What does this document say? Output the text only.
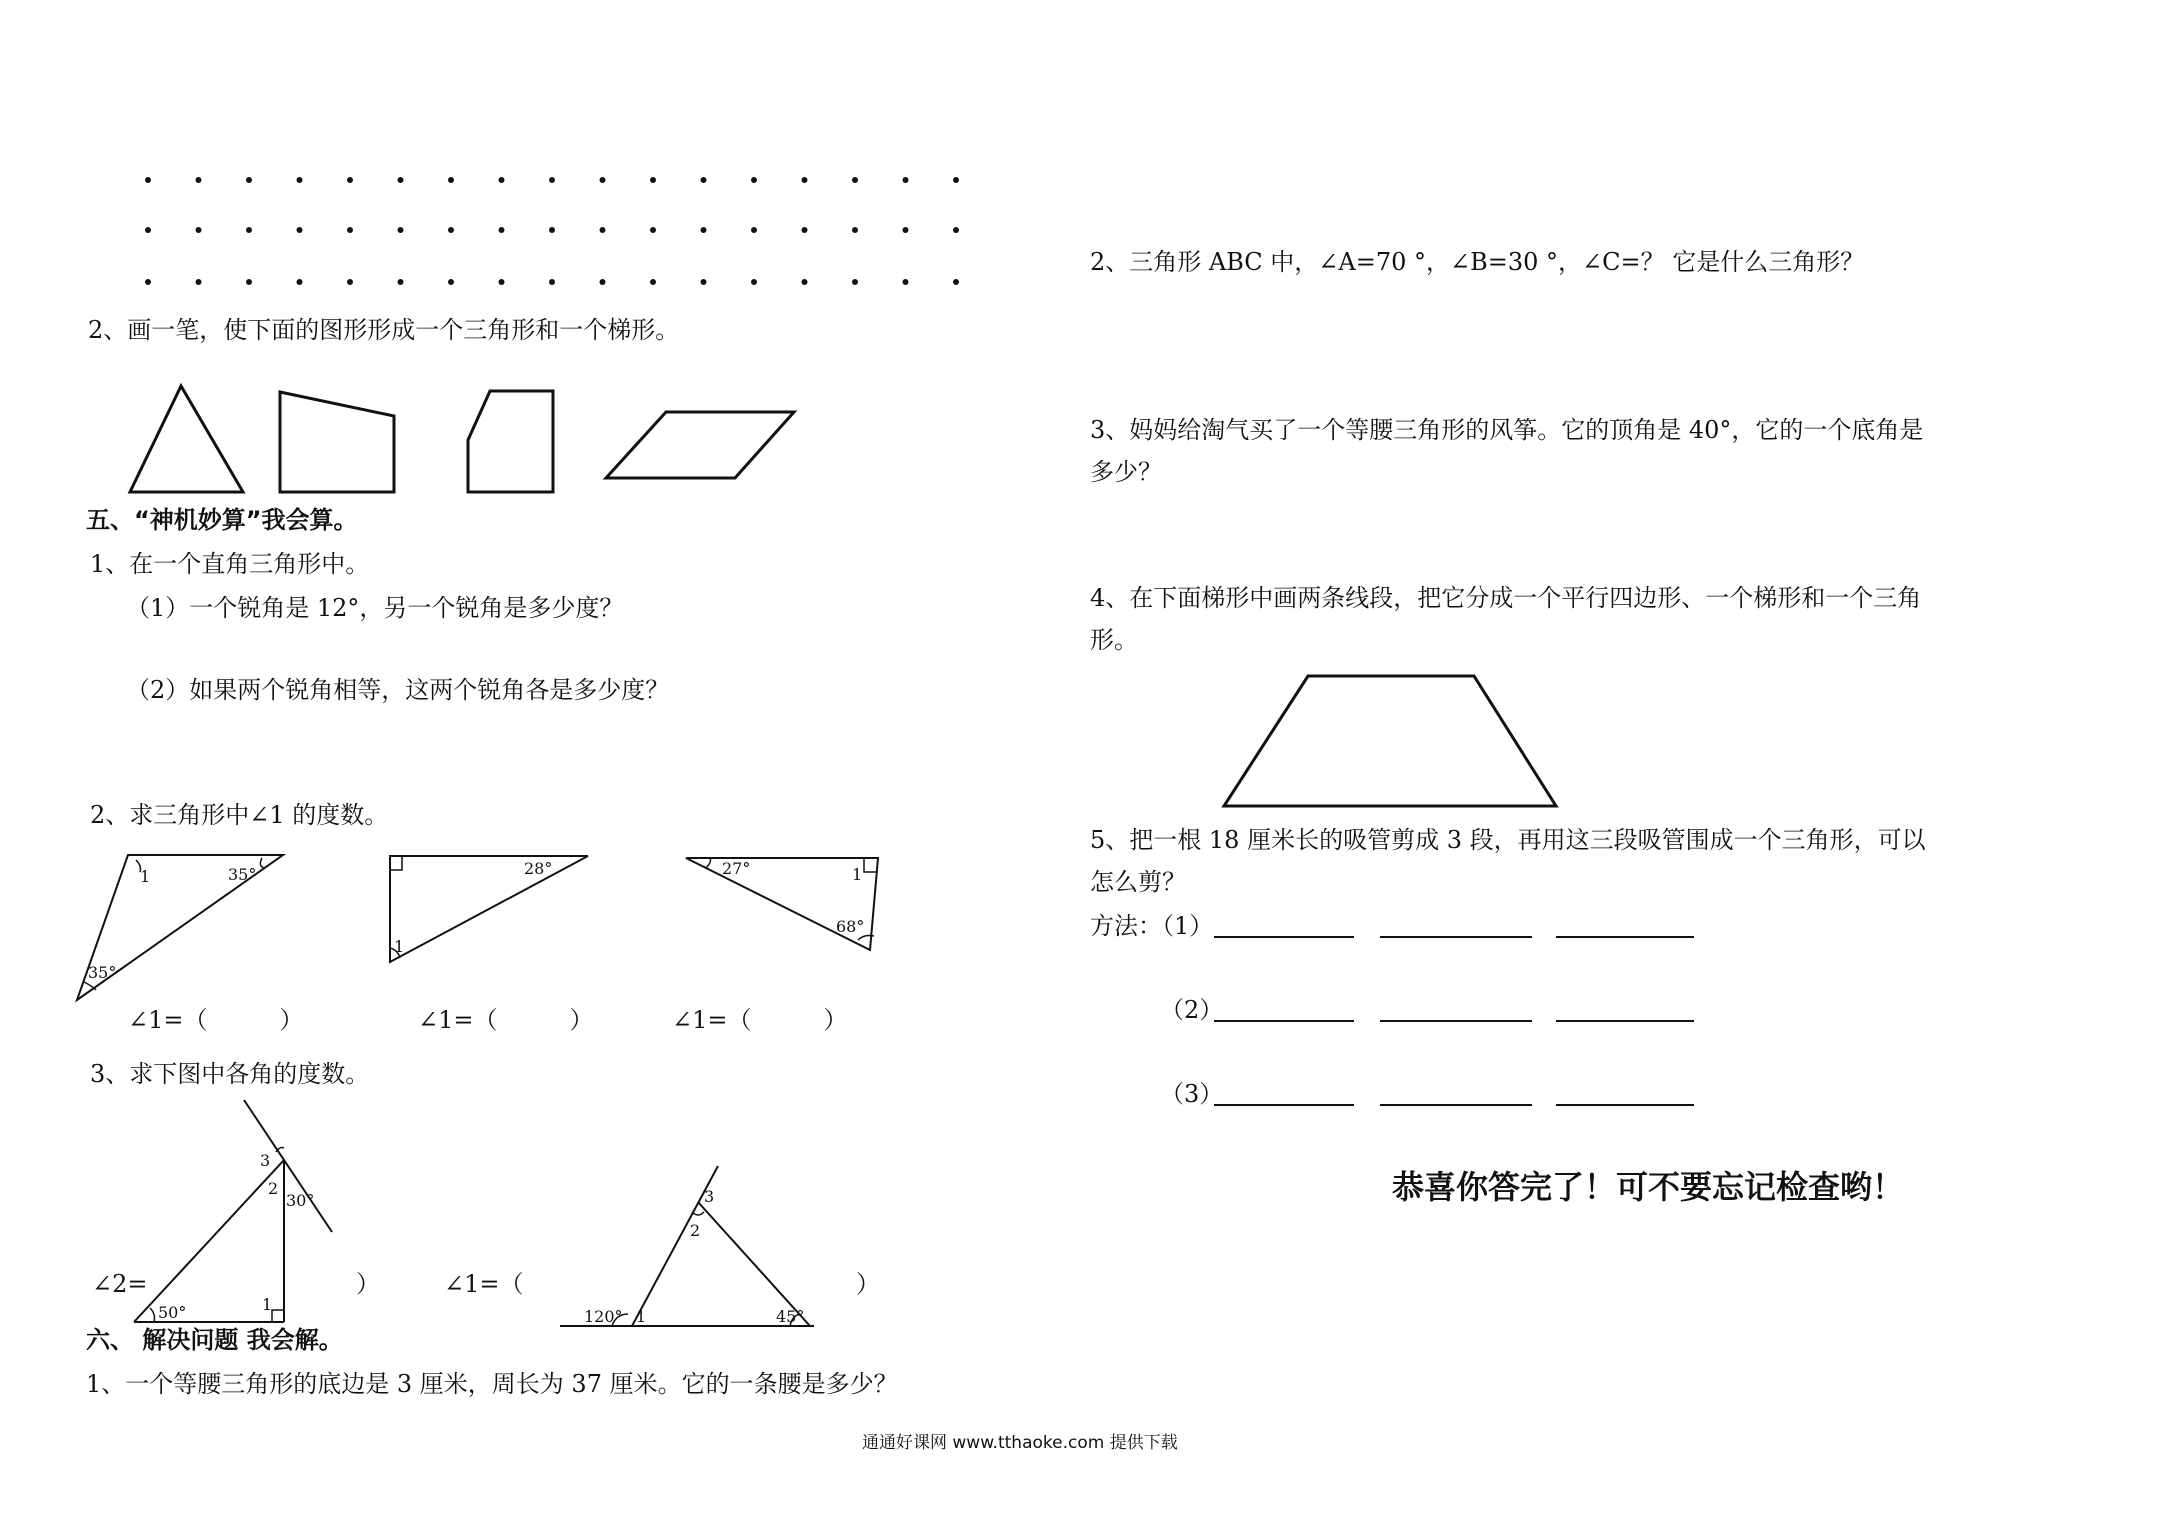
2、画一笔，使下面的图形形成一个三角形和一个梯形。
五、“神机妙算”我会算。
1、在一个直角三角形中。
（1）一个锐角是 12°，另一个锐角是多少度？
（2）如果两个锐角相等，这两个锐角各是多少度？
2、求三角形中∠1 的度数。
1	35°
35°
28°
1
27°	1
68°
∠1=（	）	∠1=（	）	∠1=（	）
3、求下图中各角的度数。
3
2
30°
1
50°
3
2
120° 1	45°
∠2=	）	∠1=（	）
六、 解决问题 我会解。
1、一个等腰三角形的底边是 3 厘米，周长为 37 厘米。它的一条腰是多少？
2、三角形 ABC 中，∠A=70 °，∠B=30 °，∠C=？ 它是什么三角形？
3、妈妈给淘气买了一个等腰三角形的风筝。它的顶角是 40°，它的一个底角是
多少？
4、在下面梯形中画两条线段，把它分成一个平行四边形、一个梯形和一个三角
形。
5、把一根 18 厘米长的吸管剪成 3 段，再用这三段吸管围成一个三角形，可以
怎么剪？
方法：（1）
（2）
（3）
恭喜你答完了！可不要忘记检查哟！
通通好课网 www.tthaoke.com 提供下载
